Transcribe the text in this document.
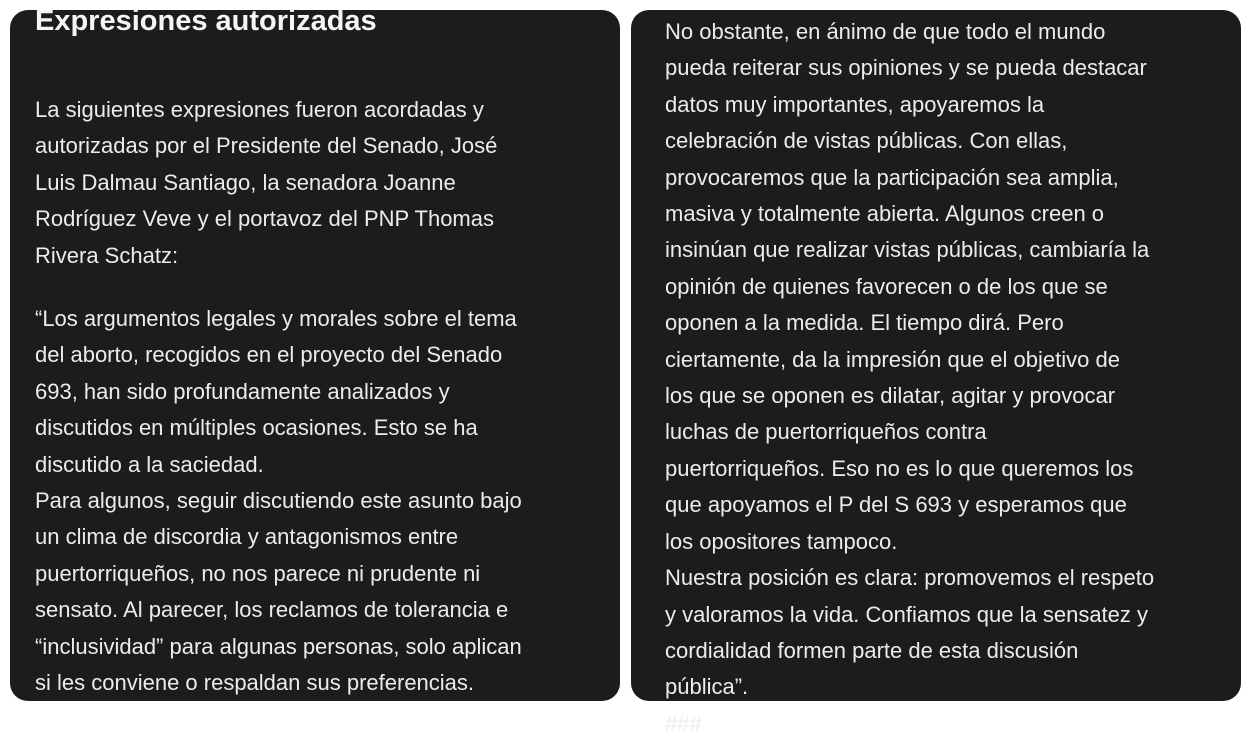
Expresiones autorizadas

La siguientes expresiones fueron acordadas y
autorizadas por el Presidente del Senado, José
Luis Dalmau Santiago, la senadora Joanne
Rodríguez Veve y el portavoz del PNP Thomas
Rivera Schatz:

“Los argumentos legales y morales sobre el tema
del aborto, recogidos en el proyecto del Senado
693, han sido profundamente analizados y
discutidos en múltiples ocasiones. Esto se ha
discutido a la saciedad.
Para algunos, seguir discutiendo este asunto bajo
un clima de discordia y antagonismos entre
puertorriqueños, no nos parece ni prudente ni
sensato. Al parecer, los reclamos de tolerancia e
“inclusividad” para algunas personas, solo aplican
si les conviene o respaldan sus preferencias.

No obstante, en ánimo de que todo el mundo
pueda reiterar sus opiniones y se pueda destacar
datos muy importantes, apoyaremos la
celebración de vistas públicas. Con ellas,
provocaremos que la participación sea amplia,
masiva y totalmente abierta. Algunos creen o
insinúan que realizar vistas públicas, cambiaría la
opinión de quienes favorecen o de los que se
oponen a la medida. El tiempo dirá. Pero
ciertamente, da la impresión que el objetivo de
los que se oponen es dilatar, agitar y provocar
luchas de puertorriqueños contra
puertorriqueños. Eso no es lo que queremos los
que apoyamos el P del S 693 y esperamos que
los opositores tampoco.
Nuestra posición es clara: promovemos el respeto
y valoramos la vida. Confiamos que la sensatez y
cordialidad formen parte de esta discusión
pública”.
###
